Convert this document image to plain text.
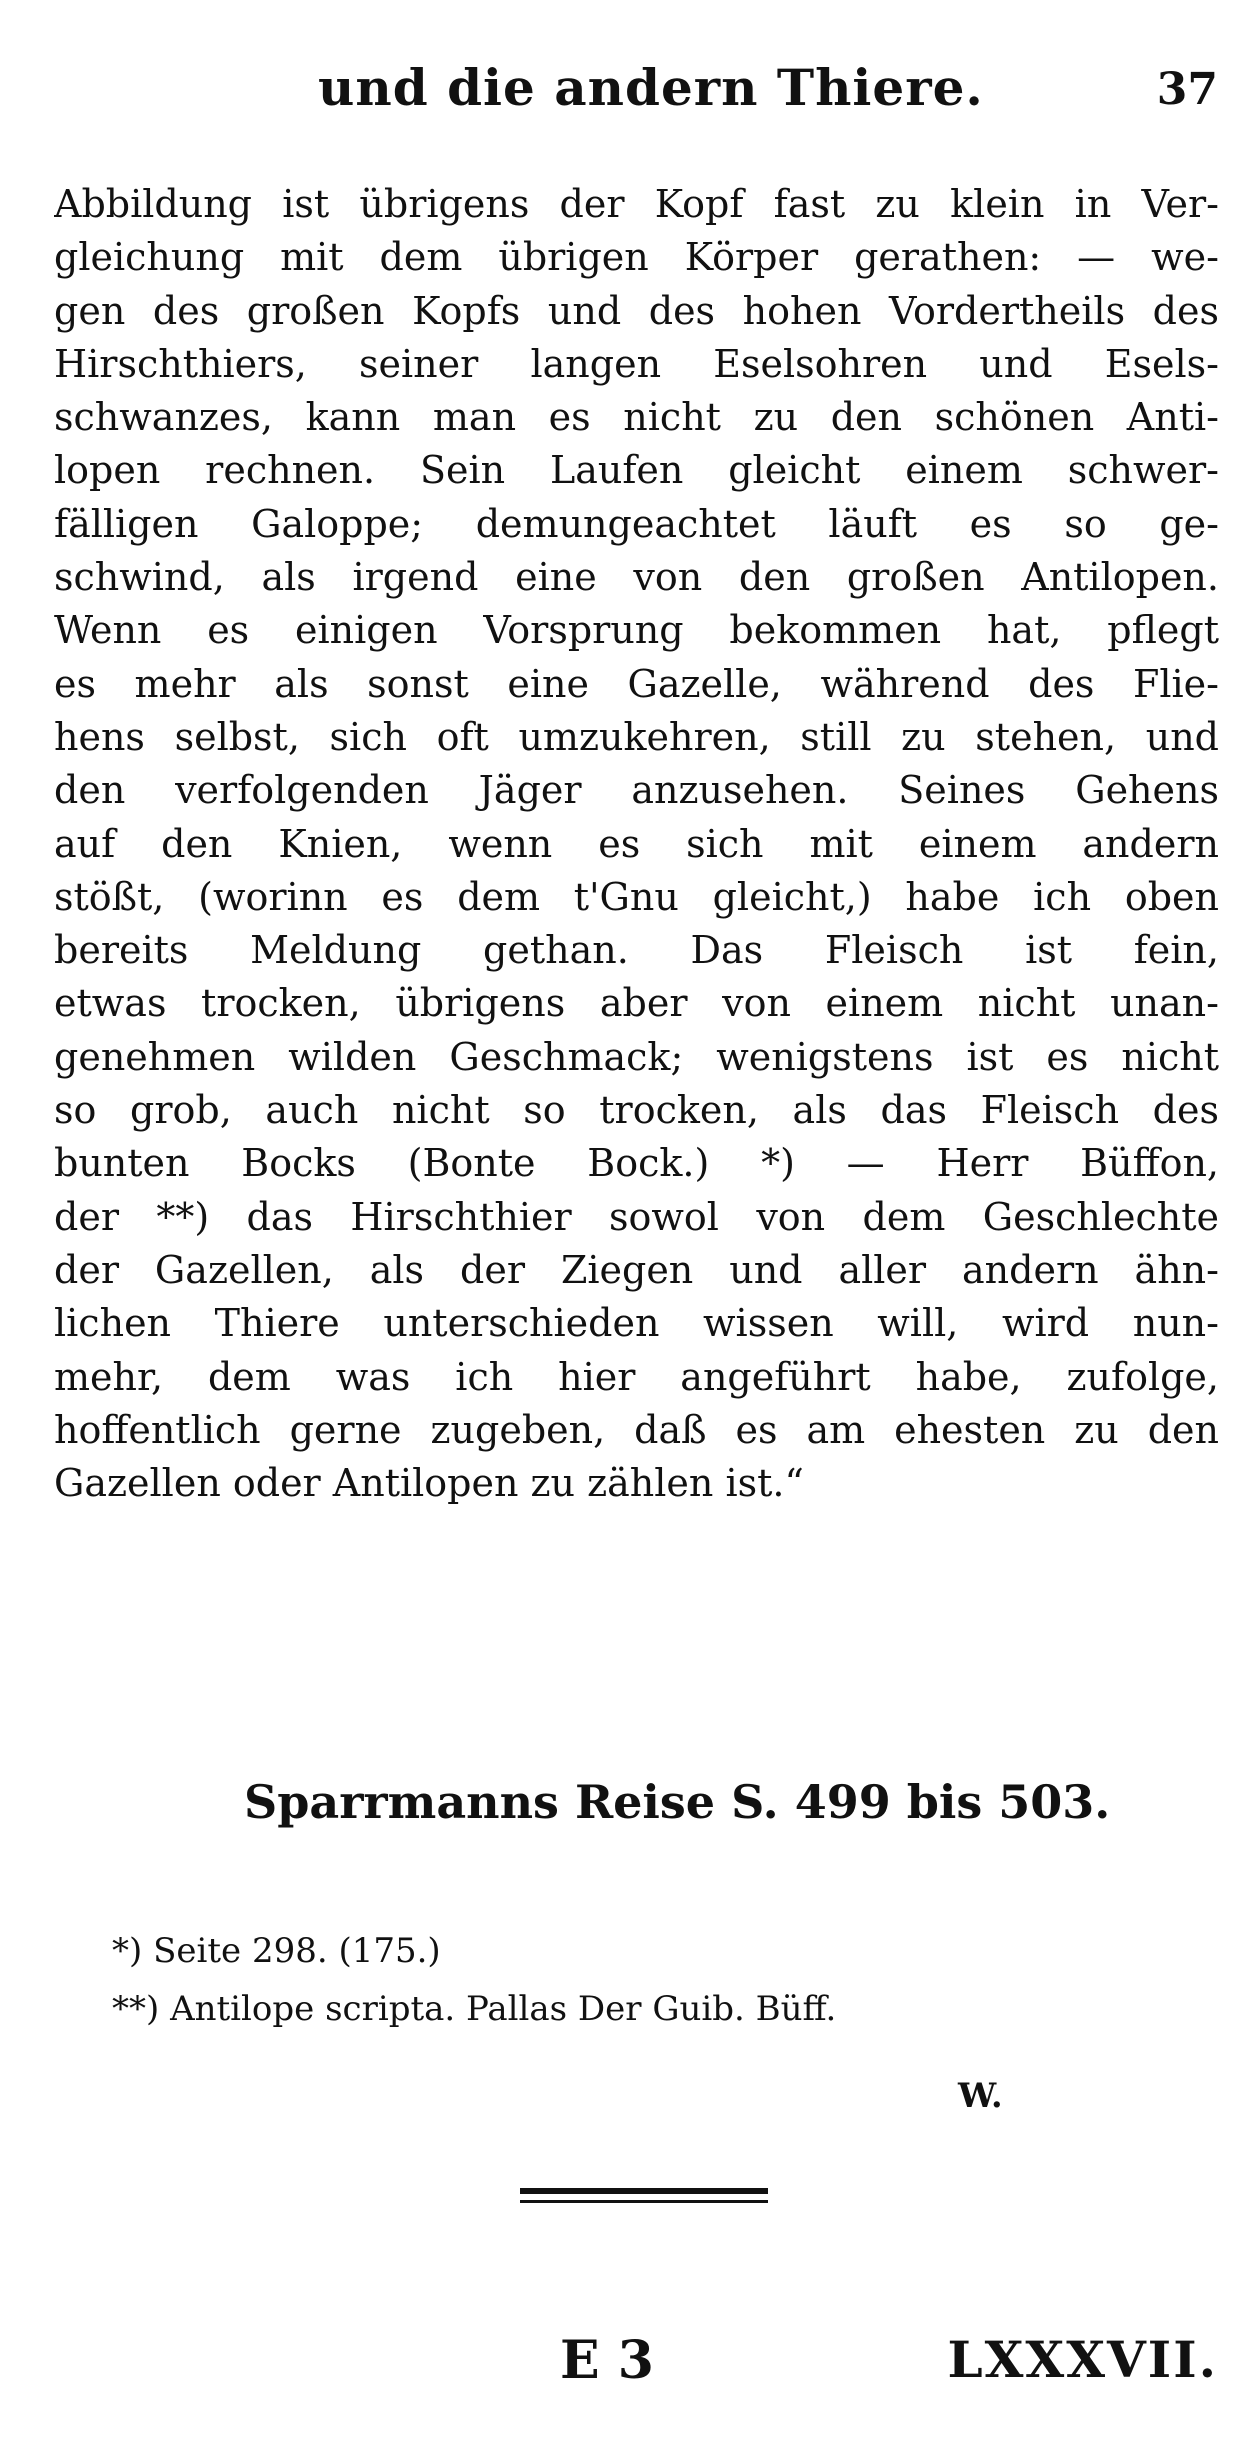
und die andern Thiere.	37
Abbildung ist übrigens der Kopf fast zu klein in Ver-
gleichung mit dem übrigen Körper gerathen: — we-
gen des großen Kopfs und des hohen Vordertheils des
Hirschthiers, seiner langen Eselsohren und Esels-
schwanzes, kann man es nicht zu den schönen Anti-
lopen rechnen. Sein Laufen gleicht einem schwer-
fälligen Galoppe; demungeachtet läuft es so ge-
schwind, als irgend eine von den großen Antilopen.
Wenn es einigen Vorsprung bekommen hat, pflegt
es mehr als sonst eine Gazelle, während des Flie-
hens selbst, sich oft umzukehren, still zu stehen, und
den verfolgenden Jäger anzusehen. Seines Gehens
auf den Knien, wenn es sich mit einem andern
stößt, (worinn es dem t'Gnu gleicht,) habe ich oben
bereits Meldung gethan. Das Fleisch ist fein,
etwas trocken, übrigens aber von einem nicht unan-
genehmen wilden Geschmack; wenigstens ist es nicht
so grob, auch nicht so trocken, als das Fleisch des
bunten Bocks (Bonte Bock.) *) — Herr Büffon,
der **) das Hirschthier sowol von dem Geschlechte
der Gazellen, als der Ziegen und aller andern ähn-
lichen Thiere unterschieden wissen will, wird nun-
mehr, dem was ich hier angeführt habe, zufolge,
hoffentlich gerne zugeben, daß es am ehesten zu den
Gazellen oder Antilopen zu zählen ist.“
Sparrmanns Reise S. 499 bis 503.
*) Seite 298. (175.)
**) Antilope scripta. Pallas Der Guib. Büff.
W.
E 3	LXXXVII.
